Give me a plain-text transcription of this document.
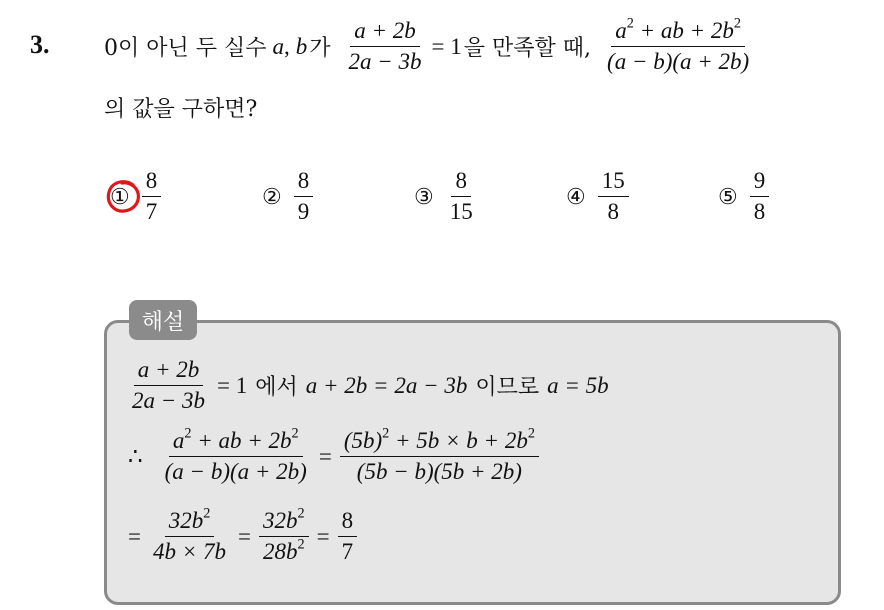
3. 0이 아닌 두 실수 a , b 가 $\frac{a + 2b}{2a - 3b} = 1$ 을 만족할 때, $\frac{a^2 + ab + 2b^2}{(a - b)(a + 2b)}$
의 값을 구하면?
① $\frac{8}{7}$	② $\frac{8}{9}$	③ $\frac{8}{15}$	④ $\frac{15}{8}$	⑤ $\frac{9}{8}$
해설
$\frac{a + 2b}{2a - 3b} = 1$ 에서 a + 2b = 2a − 3b 이므로 a = 5b
∴ $\frac{a^2 + ab + 2b^2}{(a - b)(a + 2b)} = \frac{(5b)^2 + 5b \times b + 2b^2}{(5b - b)(5b + 2b)}$
= $\frac{32b^2}{4b \times 7b} = \frac{32b^2}{28b^2} = \frac{8}{7}$
